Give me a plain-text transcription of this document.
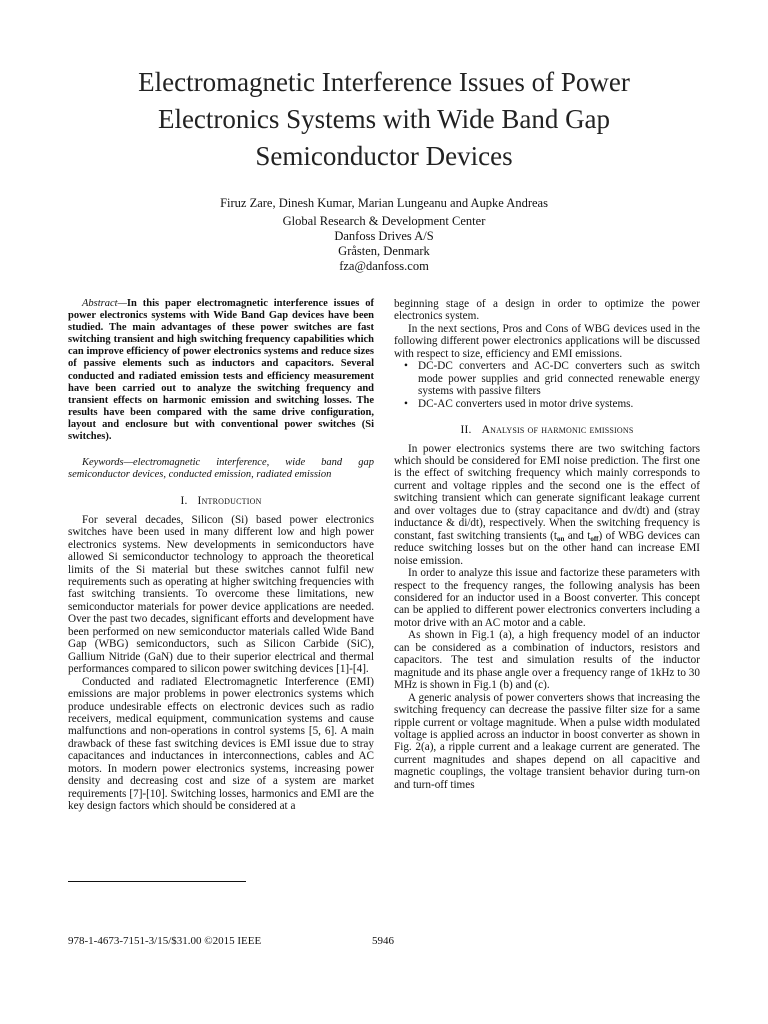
Electromagnetic Interference Issues of Power
Electronics Systems with Wide Band Gap
Semiconductor Devices
Firuz Zare, Dinesh Kumar, Marian Lungeanu and Aupke Andreas
Global Research & Development Center
Danfoss Drives A/S
Gråsten, Denmark
fza@danfoss.com

Abstract—In this paper electromagnetic interference issues of power electronics systems with Wide Band Gap devices have been studied. The main advantages of these power switches are fast switching transient and high switching frequency capabilities which can improve efficiency of power electronics systems and reduce sizes of passive elements such as inductors and capacitors. Several conducted and radiated emission tests and efficiency measurement have been carried out to analyze the switching frequency and transient effects on harmonic emission and switching losses. The results have been compared with the same drive configuration, layout and enclosure but with conventional power switches (Si switches).

Keywords—electromagnetic interference, wide band gap semiconductor devices, conducted emission, radiated emission

I. Introduction

For several decades, Silicon (Si) based power electronics switches have been used in many different low and high power electronics systems. New developments in semiconductors have allowed Si semiconductor technology to approach the theoretical limits of the Si material but these switches cannot fulfil new requirements such as operating at higher switching frequencies with fast switching transients. To overcome these limitations, new semiconductor materials for power device applications are needed. Over the past two decades, significant efforts and development have been performed on new semiconductor materials called Wide Band Gap (WBG) semiconductors, such as Silicon Carbide (SiC), Gallium Nitride (GaN) due to their superior electrical and thermal performances compared to silicon power switching devices [1]-[4].

Conducted and radiated Electromagnetic Interference (EMI) emissions are major problems in power electronics systems which produce undesirable effects on electronic devices such as radio receivers, medical equipment, communication systems and cause malfunctions and non-operations in control systems [5, 6]. A main drawback of these fast switching devices is EMI issue due to stray capacitances and inductances in interconnections, cables and AC motors. In modern power electronics systems, increasing power density and decreasing cost and size of a system are market requirements [7]-[10]. Switching losses, harmonics and EMI are the key design factors which should be considered at a

beginning stage of a design in order to optimize the power electronics system.

In the next sections, Pros and Cons of WBG devices used in the following different power electronics applications will be discussed with respect to size, efficiency and EMI emissions.

• DC-DC converters and AC-DC converters such as switch mode power supplies and grid connected renewable energy systems with passive filters
• DC-AC converters used in motor drive systems.

II. Analysis of harmonic emissions

In power electronics systems there are two switching factors which should be considered for EMI noise prediction. The first one is the effect of switching frequency which mainly corresponds to current and voltage ripples and the second one is the effect of switching transient which can generate significant leakage current and over voltages due to (stray capacitance and dv/dt) and (stray inductance & di/dt), respectively. When the switching frequency is constant, fast switching transients ($t_{on}$ and $t_{off}$) of WBG devices can reduce switching losses but on the other hand can increase EMI noise emission.

In order to analyze this issue and factorize these parameters with respect to the frequency ranges, the following analysis has been considered for an inductor used in a Boost converter. This concept can be applied to different power electronics converters including a motor drive with an AC motor and a cable.

As shown in Fig.1 (a), a high frequency model of an inductor can be considered as a combination of inductors, resistors and capacitors. The test and simulation results of the inductor magnitude and its phase angle over a frequency range of 1kHz to 30 MHz is shown in Fig.1 (b) and (c).

A generic analysis of power converters shows that increasing the switching frequency can decrease the passive filter size for a same ripple current or voltage magnitude. When a pulse width modulated voltage is applied across an inductor in boost converter as shown in Fig. 2(a), a ripple current and a leakage current are generated. The current magnitudes and shapes depend on all capacitive and magnetic couplings, the voltage transient behavior during turn-on and turn-off times

978-1-4673-7151-3/15/$31.00 ©2015 IEEE	5946
